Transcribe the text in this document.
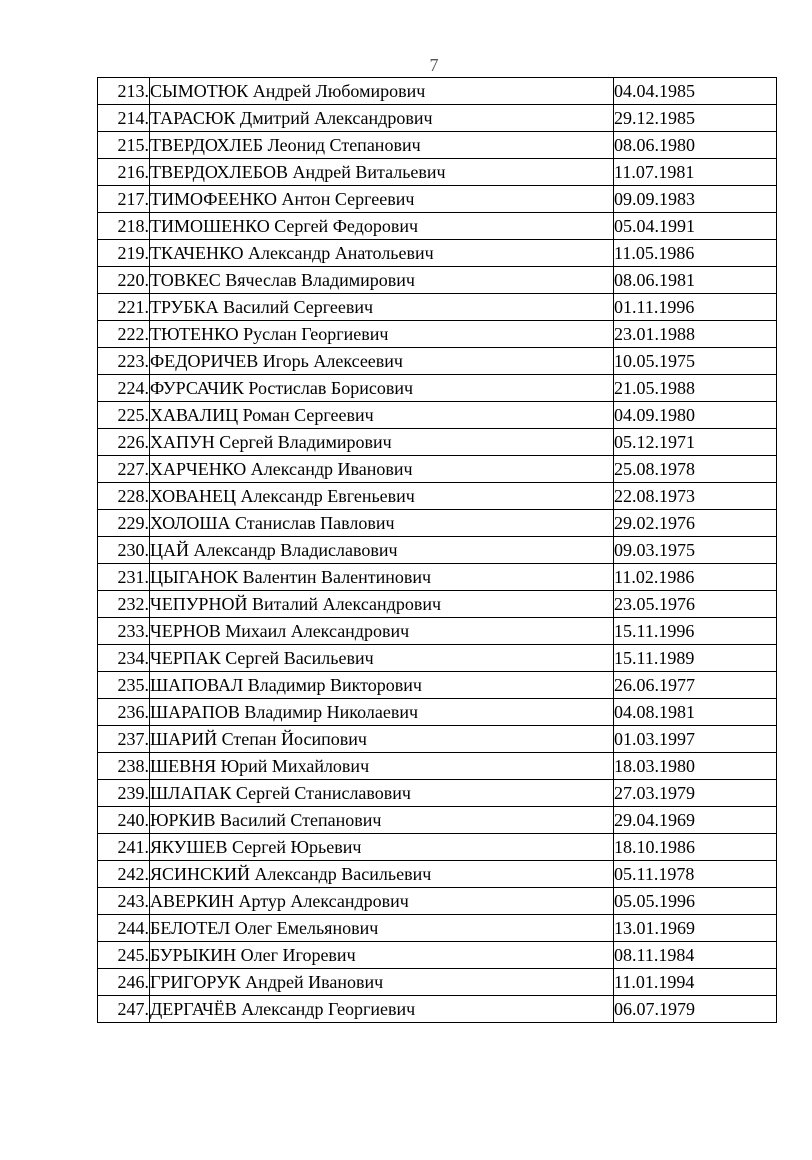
7
213.	СЫМОТЮК Андрей Любомирович	04.04.1985
214.	ТАРАСЮК Дмитрий Александрович	29.12.1985
215.	ТВЕРДОХЛЕБ Леонид Степанович	08.06.1980
216.	ТВЕРДОХЛЕБОВ Андрей Витальевич	11.07.1981
217.	ТИМОФЕЕНКО Антон Сергеевич	09.09.1983
218.	ТИМОШЕНКО Сергей Федорович	05.04.1991
219.	ТКАЧЕНКО Александр Анатольевич	11.05.1986
220.	ТОВКЕС Вячеслав Владимирович	08.06.1981
221.	ТРУБКА Василий Сергеевич	01.11.1996
222.	ТЮТЕНКО Руслан Георгиевич	23.01.1988
223.	ФЕДОРИЧЕВ Игорь Алексеевич	10.05.1975
224.	ФУРСАЧИК Ростислав Борисович	21.05.1988
225.	ХАВАЛИЦ Роман Сергеевич	04.09.1980
226.	ХАПУН Сергей Владимирович	05.12.1971
227.	ХАРЧЕНКО Александр Иванович	25.08.1978
228.	ХОВАНЕЦ Александр Евгеньевич	22.08.1973
229.	ХОЛОША Станислав Павлович	29.02.1976
230.	ЦАЙ Александр Владиславович	09.03.1975
231.	ЦЫГАНОК Валентин Валентинович	11.02.1986
232.	ЧЕПУРНОЙ Виталий Александрович	23.05.1976
233.	ЧЕРНОВ Михаил Александрович	15.11.1996
234.	ЧЕРПАК Сергей Васильевич	15.11.1989
235.	ШАПОВАЛ Владимир Викторович	26.06.1977
236.	ШАРАПОВ Владимир Николаевич	04.08.1981
237.	ШАРИЙ Степан Йосипович	01.03.1997
238.	ШЕВНЯ Юрий Михайлович	18.03.1980
239.	ШЛАПАК Сергей Станиславович	27.03.1979
240.	ЮРКИВ Василий Степанович	29.04.1969
241.	ЯКУШЕВ Сергей Юрьевич	18.10.1986
242.	ЯСИНСКИЙ Александр Васильевич	05.11.1978
243.	АВЕРКИН Артур Александрович	05.05.1996
244.	БЕЛОТЕЛ Олег Емельянович	13.01.1969
245.	БУРЫКИН Олег Игоревич	08.11.1984
246.	ГРИГОРУК Андрей Иванович	11.01.1994
247.	ДЕРГАЧЁВ Александр Георгиевич	06.07.1979
